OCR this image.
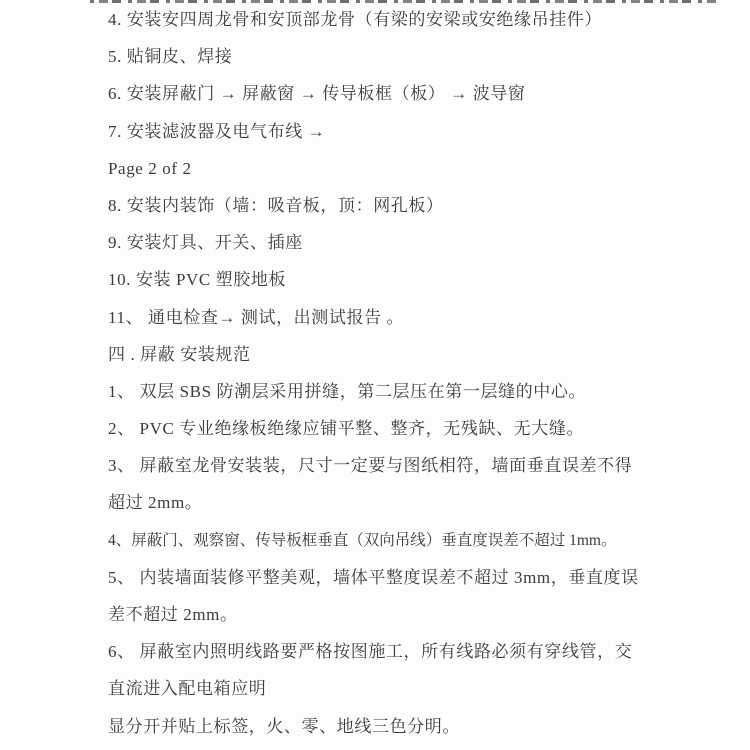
4. 安装安四周龙骨和安顶部龙骨（有梁的安梁或安绝缘吊挂件）
5. 贴铜皮、焊接
6. 安装屏蔽门 → 屏蔽窗 → 传导板框（板） → 波导窗
7. 安装滤波器及电气布线 →
Page 2 of 2
8. 安装内装饰（墙：吸音板，顶：网孔板）
9. 安装灯具、开关、插座
10. 安装 PVC 塑胶地板
11、 通电检查→ 测试，出测试报告 。
四 . 屏蔽 安装规范
1、 双层 SBS 防潮层采用拼缝，第二层压在第一层缝的中心。
2、 PVC 专业绝缘板绝缘应铺平整、整齐，无残缺、无大缝。
3、 屏蔽室龙骨安装装，尺寸一定要与图纸相符，墙面垂直误差不得
超过 2mm。
4、屏蔽门、观察窗、传导板框垂直（双向吊线）垂直度误差不超过 1mm。
5、 内装墙面装修平整美观，墙体平整度误差不超过 3mm，垂直度误
差不超过 2mm。
6、 屏蔽室内照明线路要严格按图施工，所有线路必须有穿线管，交
直流进入配电箱应明
显分开并贴上标签，火、零、地线三色分明。
